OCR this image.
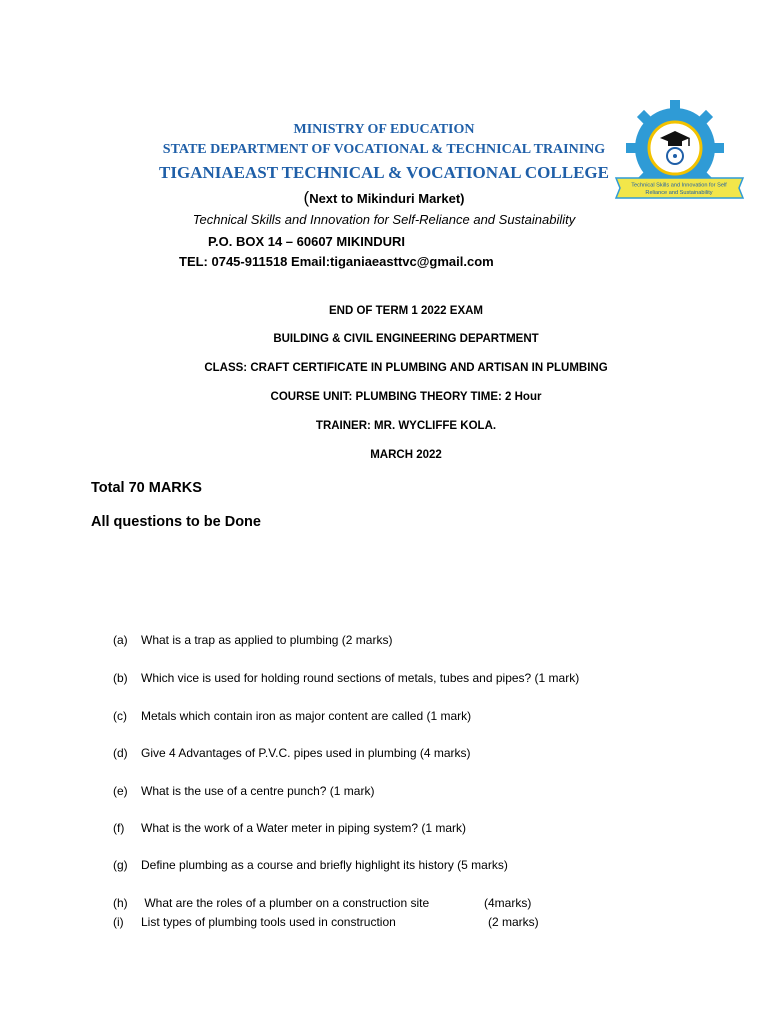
MINISTRY OF EDUCATION
STATE DEPARTMENT OF VOCATIONAL & TECHNICAL TRAINING
TIGANIAEAST TECHNICAL & VOCATIONAL COLLEGE
(Next to Mikinduri Market)
Technical Skills and Innovation for Self-Reliance and Sustainability
P.O. BOX 14 – 60607 MIKINDURI
TEL: 0745-911518 Email:tiganiaeasttvc@gmail.com
Technical Skills and Innovation for Self
Reliance and Sustainability
END OF TERM 1 2022 EXAM
BUILDING & CIVIL ENGINEERING DEPARTMENT
CLASS: CRAFT CERTIFICATE IN PLUMBING AND ARTISAN IN PLUMBING
COURSE UNIT: PLUMBING THEORY TIME: 2 Hour
TRAINER: MR. WYCLIFFE KOLA.
MARCH 2022
Total 70 MARKS
All questions to be Done
(a) What is a trap as applied to plumbing (2 marks)
(b) Which vice is used for holding round sections of metals, tubes and pipes? (1 mark)
(c) Metals which contain iron as major content are called (1 mark)
(d) Give 4 Advantages of P.V.C. pipes used in plumbing (4 marks)
(e) What is the use of a centre punch? (1 mark)
(f) What is the work of a Water meter in piping system? (1 mark)
(g) Define plumbing as a course and briefly highlight its history (5 marks)
(h) What are the roles of a plumber on a construction site	(4marks)
(i) List types of plumbing tools used in construction	(2 marks)
